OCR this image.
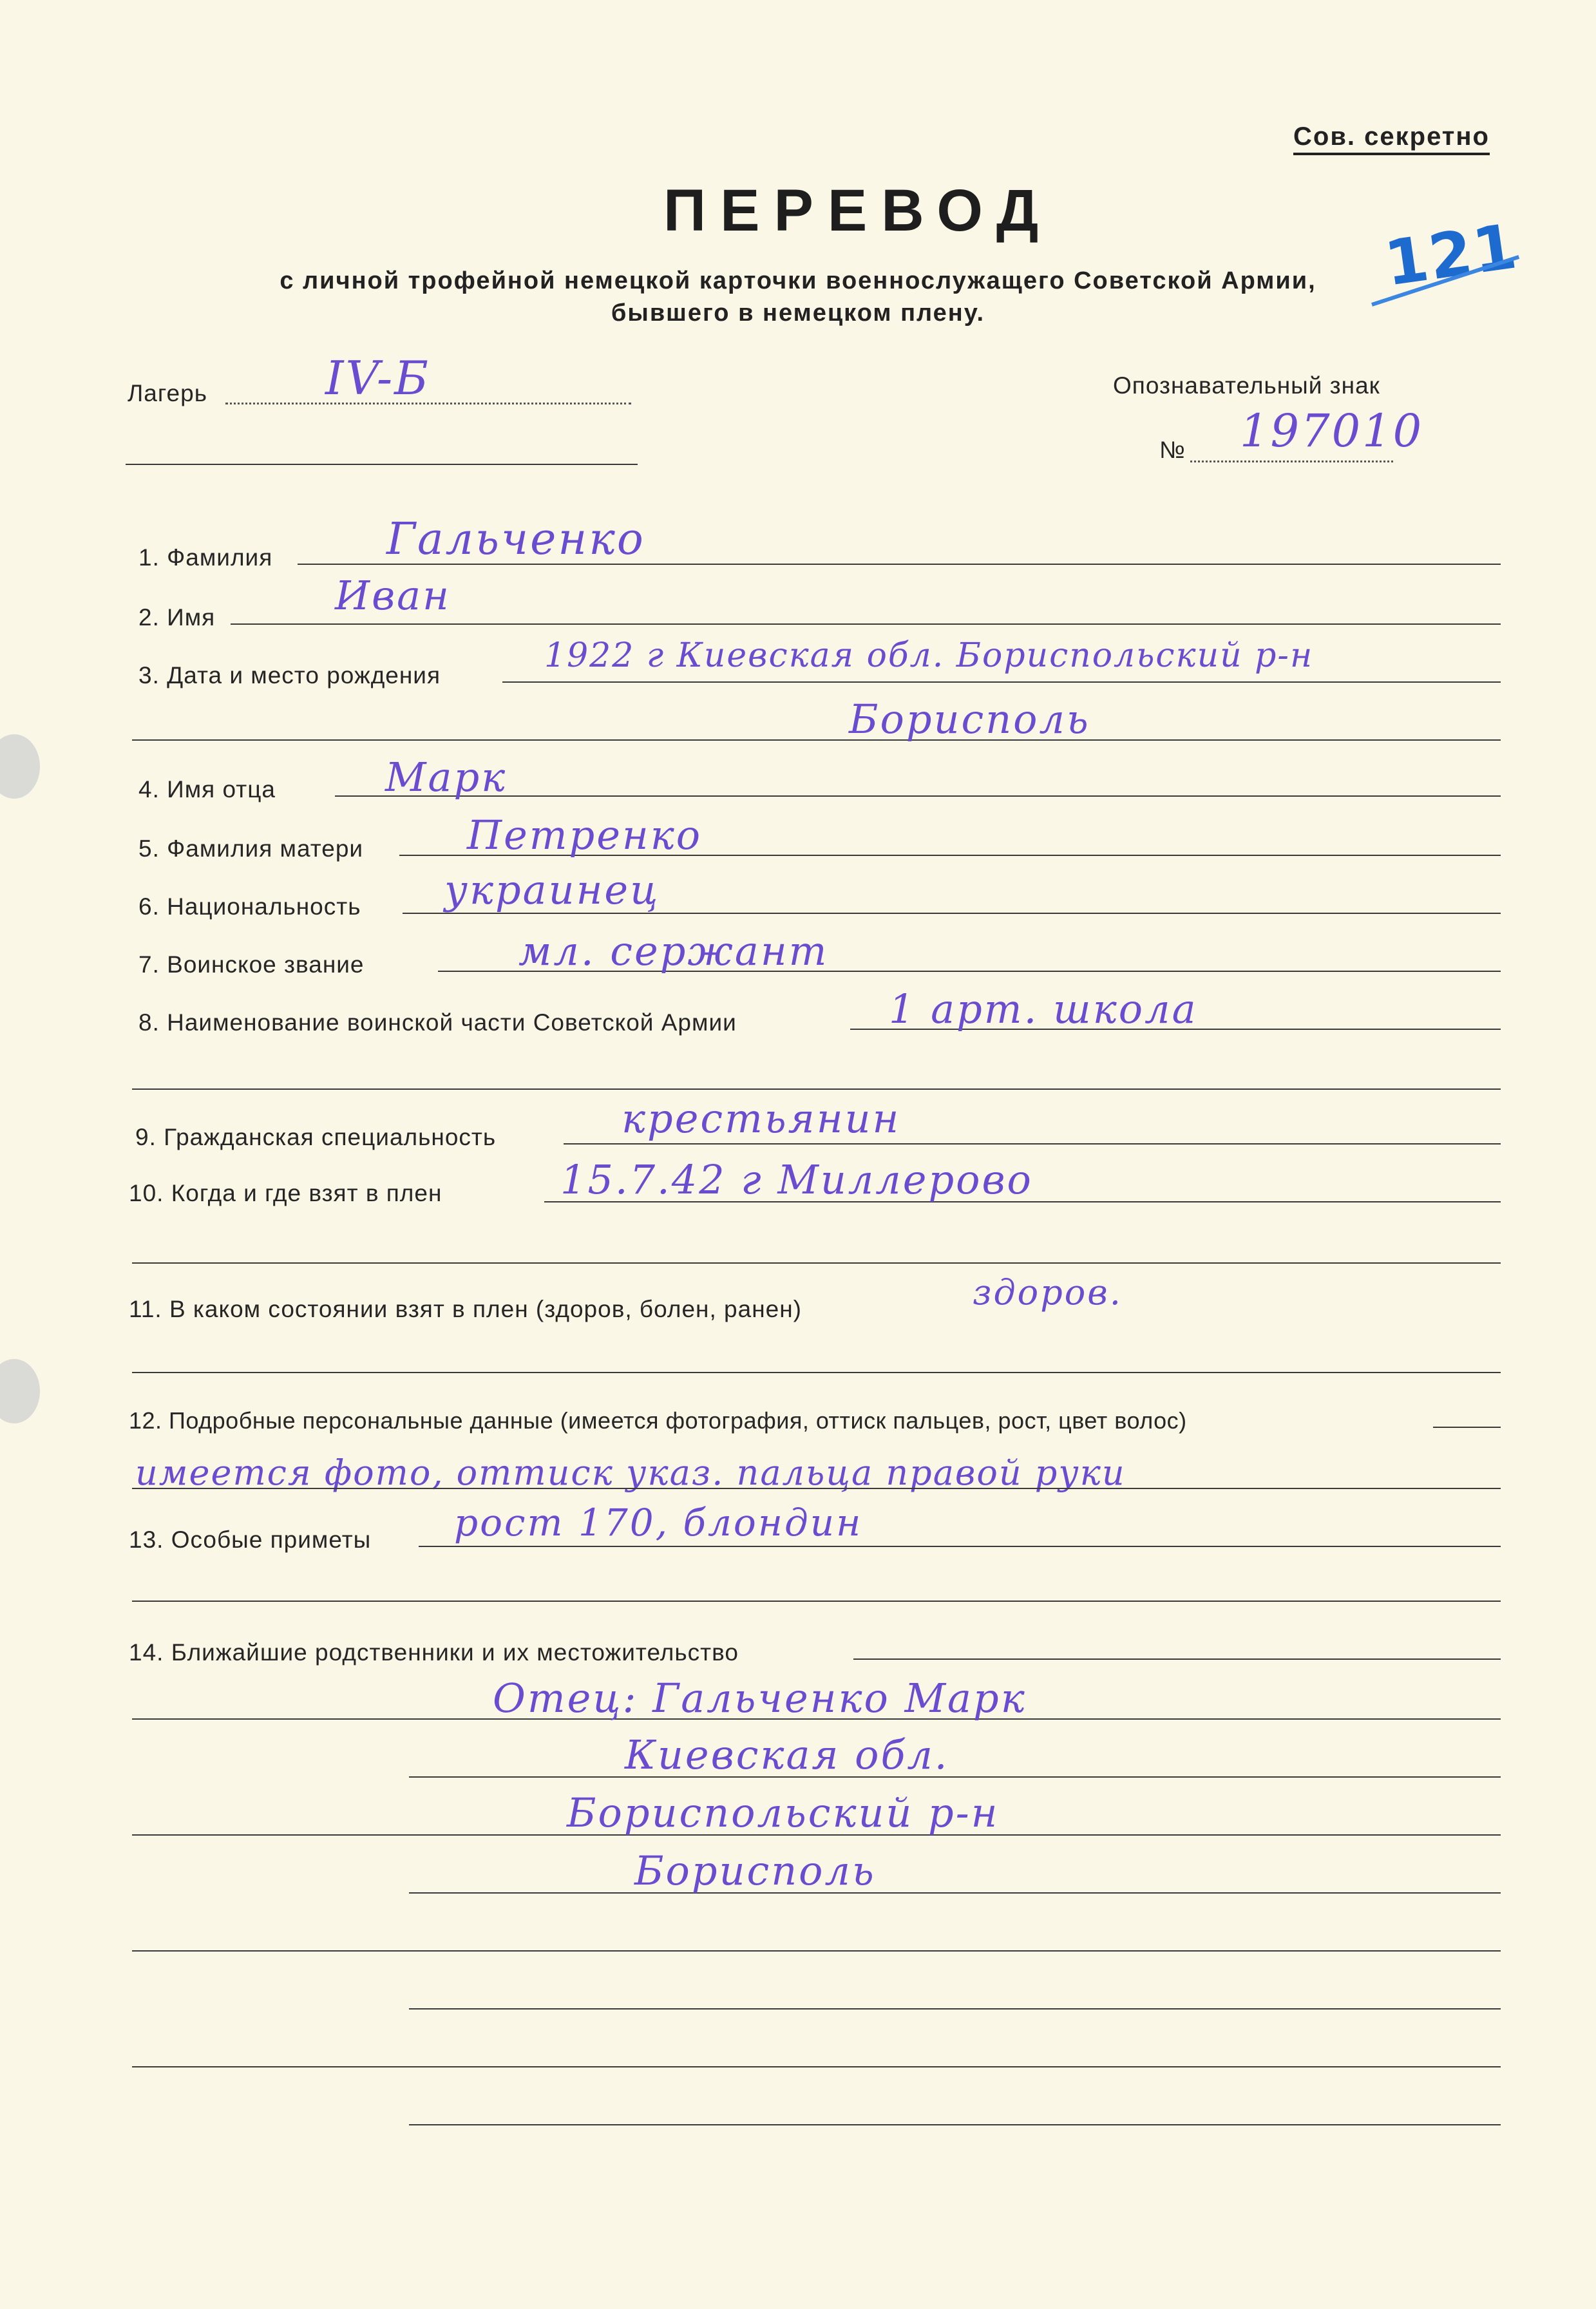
Сов. секретно
ПЕРЕВОД
с личной трофейной немецкой карточки военнослужащего Советской Армии,
бывшего в немецком плену.
121
Лагерь	IV-Б	Опознавательный знак
№ 197010
1. Фамилия	Гальченко
2. Имя	Иван
3. Дата и место рождения
1922 г Киевская обл. Бориспольский р-н
Борисполь
4. Имя отца	Марк
5. Фамилия матери	Петренко
6. Национальность украинец
7. Воинское звание	мл. сержант
8. Наименование воинской части Советской Армии	1 арт. школа
9. Гражданская специальность	крестьянин
10. Когда и где взят в плен	15.7.42 г Миллерово
11. В каком состоянии взят в плен (здоров, болен, ранен)	здоров.
12. Подробные персональные данные (имеется фотография, оттиск пальцев, рост, цвет волос)
имеется фото, оттиск указ. пальца правой руки
13. Особые приметы рост 170, блондин
14. Ближайшие родственники и их местожительство
Отец: Гальченко Марк
Киевская обл.
Бориспольский р-н
Борисполь
